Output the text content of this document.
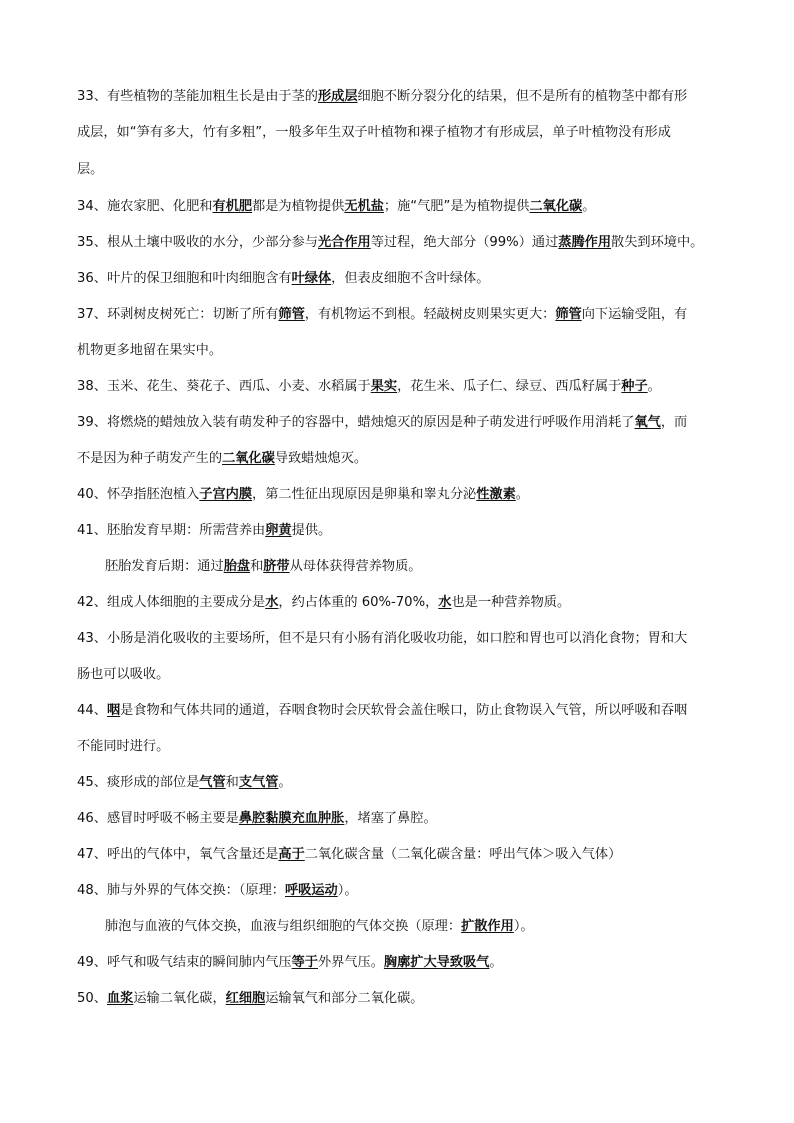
33、有些植物的茎能加粗生长是由于茎的形成层细胞不断分裂分化的结果，但不是所有的植物茎中都有形
成层，如“笋有多大，竹有多粗”，一般多年生双子叶植物和裸子植物才有形成层，单子叶植物没有形成
层。
34、施农家肥、化肥和有机肥都是为植物提供无机盐；施“气肥”是为植物提供二氧化碳。
35、根从土壤中吸收的水分，少部分参与光合作用等过程，绝大部分（99%）通过蒸腾作用散失到环境中。
36、叶片的保卫细胞和叶肉细胞含有叶绿体，但表皮细胞不含叶绿体。
37、环剥树皮树死亡：切断了所有筛管，有机物运不到根。轻敲树皮则果实更大：筛管向下运输受阻，有
机物更多地留在果实中。
38、玉米、花生、葵花子、西瓜、小麦、水稻属于果实，花生米、瓜子仁、绿豆、西瓜籽属于种子。
39、将燃烧的蜡烛放入装有萌发种子的容器中，蜡烛熄灭的原因是种子萌发进行呼吸作用消耗了氧气，而
不是因为种子萌发产生的二氧化碳导致蜡烛熄灭。
40、怀孕指胚泡植入子宫内膜，第二性征出现原因是卵巢和睾丸分泌性激素。
41、胚胎发育早期：所需营养由卵黄提供。
胚胎发育后期：通过胎盘和脐带从母体获得营养物质。
42、组成人体细胞的主要成分是水，约占体重的 60%-70%，水也是一种营养物质。
43、小肠是消化吸收的主要场所，但不是只有小肠有消化吸收功能，如口腔和胃也可以消化食物；胃和大
肠也可以吸收。
44、咽是食物和气体共同的通道，吞咽食物时会厌软骨会盖住喉口，防止食物误入气管，所以呼吸和吞咽
不能同时进行。
45、痰形成的部位是气管和支气管。
46、感冒时呼吸不畅主要是鼻腔黏膜充血肿胀，堵塞了鼻腔。
47、呼出的气体中，氧气含量还是高于二氧化碳含量（二氧化碳含量：呼出气体＞吸入气体）
48、肺与外界的气体交换：（原理：呼吸运动）。
肺泡与血液的气体交换，血液与组织细胞的气体交换（原理：扩散作用）。
49、呼气和吸气结束的瞬间肺内气压等于外界气压。胸廓扩大导致吸气。
50、血浆运输二氧化碳，红细胞运输氧气和部分二氧化碳。
